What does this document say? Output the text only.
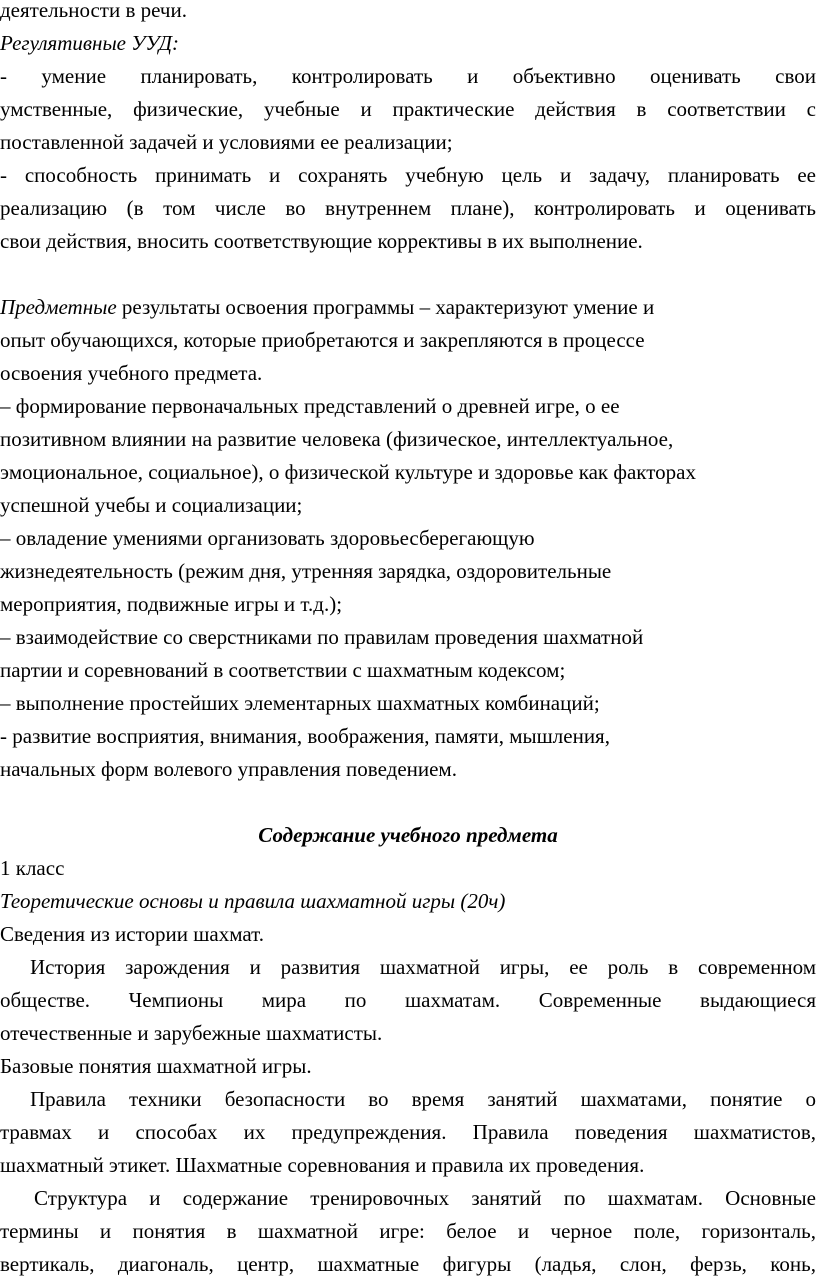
деятельности в речи.
Регулятивные УУД:
- умение планировать, контролировать и объективно оценивать свои
умственные, физические, учебные и практические действия в соответствии с
поставленной задачей и условиями ее реализации;
- способность принимать и сохранять учебную цель и задачу, планировать ее
реализацию (в том числе во внутреннем плане), контролировать и оценивать
свои действия, вносить соответствующие коррективы в их выполнение.
Предметные результаты освоения программы – характеризуют умение и
опыт обучающихся, которые приобретаются и закрепляются в процессе
освоения учебного предмета.
– формирование первоначальных представлений о древней игре, о ее
позитивном влиянии на развитие человека (физическое, интеллектуальное,
эмоциональное, социальное), о физической культуре и здоровье как факторах
успешной учебы и социализации;
– овладение умениями организовать здоровьесберегающую
жизнедеятельность (режим дня, утренняя зарядка, оздоровительные
мероприятия, подвижные игры и т.д.);
– взаимодействие со сверстниками по правилам проведения шахматной
партии и соревнований в соответствии с шахматным кодексом;
– выполнение простейших элементарных шахматных комбинаций;
- развитие восприятия, внимания, воображения, памяти, мышления,
начальных форм волевого управления поведением.
Содержание учебного предмета
1 класс
Теоретические основы и правила шахматной игры (20ч)
Сведения из истории шахмат.
История зарождения и развития шахматной игры, ее роль в современном
обществе. Чемпионы мира по шахматам. Современные выдающиеся
отечественные и зарубежные шахматисты.
Базовые понятия шахматной игры.
Правила техники безопасности во время занятий шахматами, понятие о
травмах и способах их предупреждения. Правила поведения шахматистов,
шахматный этикет. Шахматные соревнования и правила их проведения.
Структура и содержание тренировочных занятий по шахматам. Основные
термины и понятия в шахматной игре: белое и черное поле, горизонталь,
вертикаль, диагональ, центр, шахматные фигуры (ладья, слон, ферзь, конь,
